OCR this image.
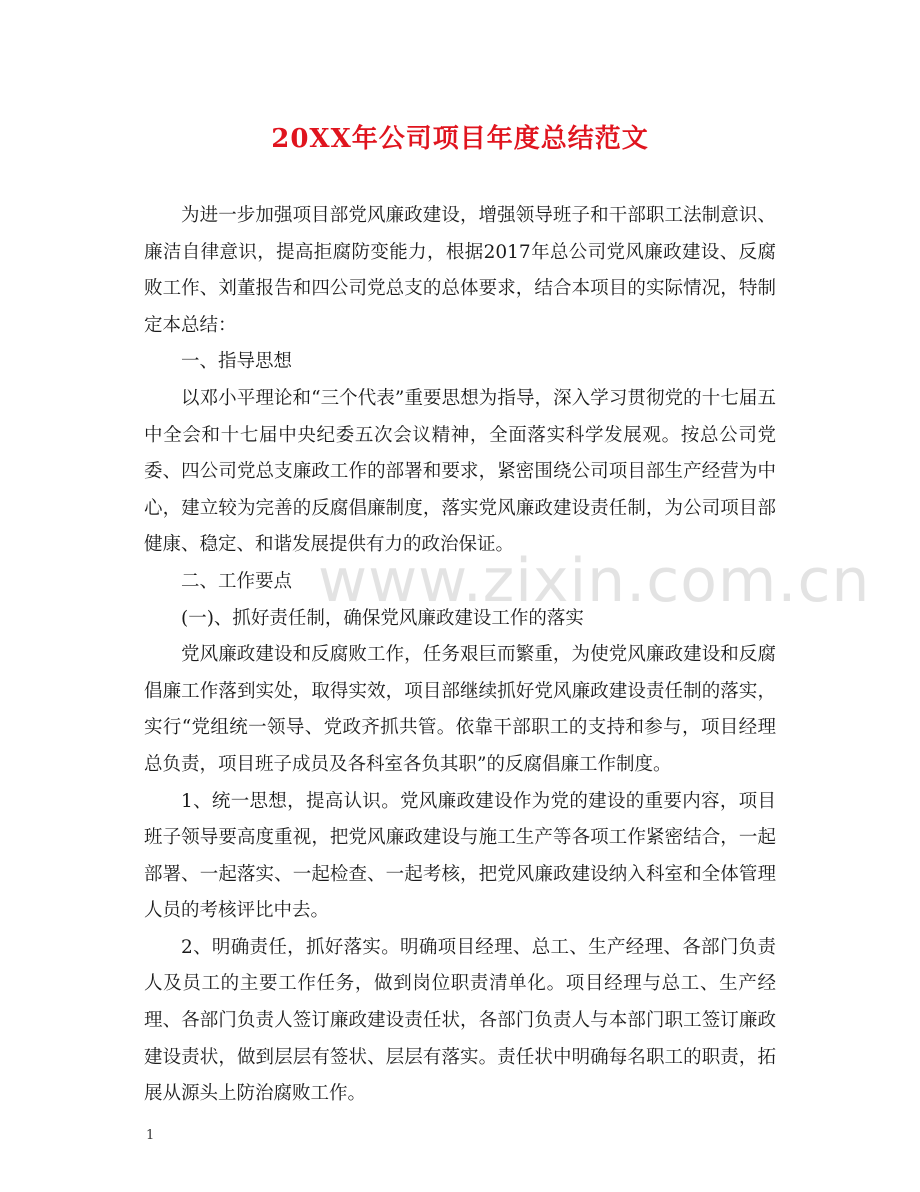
20XX年公司项目年度总结范文

为进一步加强项目部党风廉政建设，增强领导班子和干部职工法制意识、廉洁自律意识，提高拒腐防变能力，根据2017年总公司党风廉政建设、反腐败工作、刘董报告和四公司党总支的总体要求，结合本项目的实际情况，特制定本总结：

一、指导思想

以邓小平理论和“三个代表”重要思想为指导，深入学习贯彻党的十七届五中全会和十七届中央纪委五次会议精神，全面落实科学发展观。按总公司党委、四公司党总支廉政工作的部署和要求，紧密围绕公司项目部生产经营为中心，建立较为完善的反腐倡廉制度，落实党风廉政建设责任制，为公司项目部健康、稳定、和谐发展提供有力的政治保证。

二、工作要点

(一)、抓好责任制，确保党风廉政建设工作的落实

党风廉政建设和反腐败工作，任务艰巨而繁重，为使党风廉政建设和反腐倡廉工作落到实处，取得实效，项目部继续抓好党风廉政建设责任制的落实，实行“党组统一领导、党政齐抓共管。依靠干部职工的支持和参与，项目经理总负责，项目班子成员及各科室各负其职”的反腐倡廉工作制度。

1、统一思想，提高认识。党风廉政建设作为党的建设的重要内容，项目班子领导要高度重视，把党风廉政建设与施工生产等各项工作紧密结合，一起部署、一起落实、一起检查、一起考核，把党风廉政建设纳入科室和全体管理人员的考核评比中去。

2、明确责任，抓好落实。明确项目经理、总工、生产经理、各部门负责人及员工的主要工作任务，做到岗位职责清单化。项目经理与总工、生产经理、各部门负责人签订廉政建设责任状，各部门负责人与本部门职工签订廉政建设责状，做到层层有签状、层层有落实。责任状中明确每名职工的职责，拓展从源头上防治腐败工作。

www.zixin.com.cn
1
